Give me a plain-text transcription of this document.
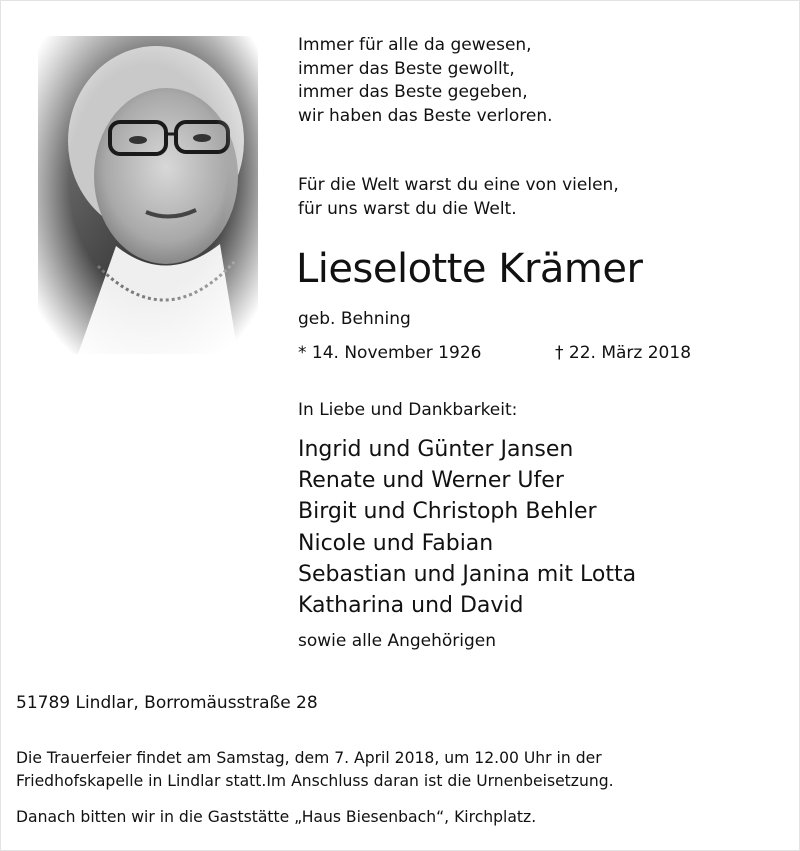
Immer für alle da gewesen,
immer das Beste gewollt,
immer das Beste gegeben,
wir haben das Beste verloren.
Für die Welt warst du eine von vielen,
für uns warst du die Welt.
Lieselotte Krämer
geb. Behning
* 14. November 1926	† 22. März 2018
In Liebe und Dankbarkeit:
Ingrid und Günter Jansen
Renate und Werner Ufer
Birgit und Christoph Behler
Nicole und Fabian
Sebastian und Janina mit Lotta
Katharina und David
sowie alle Angehörigen
51789 Lindlar, Borromäusstraße 28
Die Trauerfeier findet am Samstag, dem 7. April 2018, um 12.00 Uhr in der
Friedhofskapelle in Lindlar statt.Im Anschluss daran ist die Urnenbeisetzung.
Danach bitten wir in die Gaststätte „Haus Biesenbach“, Kirchplatz.
